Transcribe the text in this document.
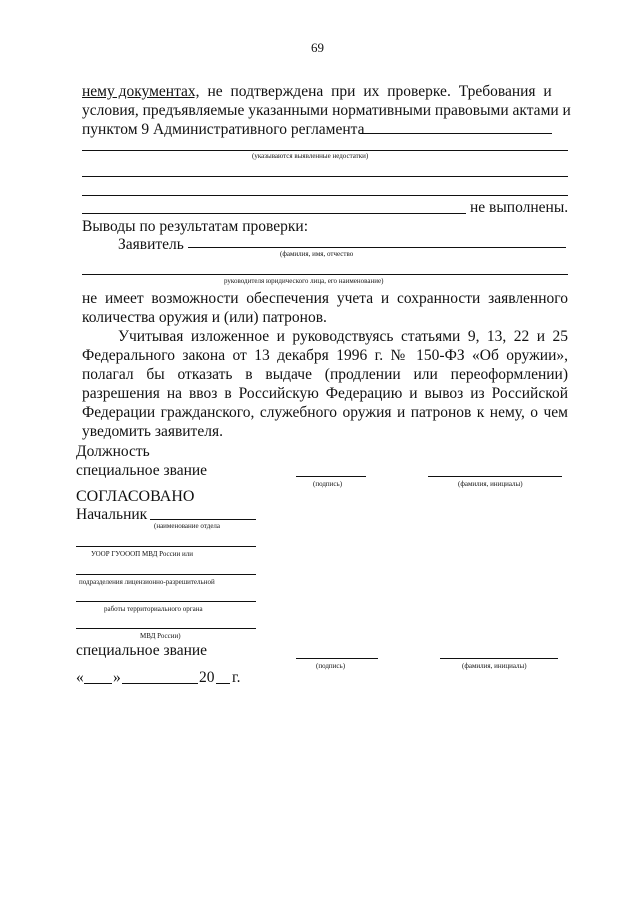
69
нему документах, не подтверждена при их проверке. Требования и
условия, предъявляемые указанными нормативными правовыми актами и
пунктом 9 Административного регламента
(указываются выявленные недостатки)
не выполнены.
Выводы по результатам проверки:
Заявитель
(фамилия, имя, отчество
руководителя юридического лица, его наименование)
не имеет возможности обеспечения учета и сохранности заявленного
количества оружия и (или) патронов.
Учитывая изложенное и руководствуясь статьями 9, 13, 22 и 25
Федерального закона от 13 декабря 1996 г. № 150-ФЗ «Об оружии»,
полагал бы отказать в выдаче (продлении или переоформлении)
разрешения на ввоз в Российскую Федерацию и вывоз из Российской
Федерации гражданского, служебного оружия и патронов к нему, о чем
уведомить заявителя.
Должность
специальное звание
(подпись)	(фамилия, инициалы)
СОГЛАСОВАНО
Начальник
(наименование отдела
УООР ГУОООП МВД России или
подразделения лицензионно-разрешительной
работы территориального органа
МВД России)
специальное звание
(подпись)	(фамилия, инициалы)
« »	20 г.
